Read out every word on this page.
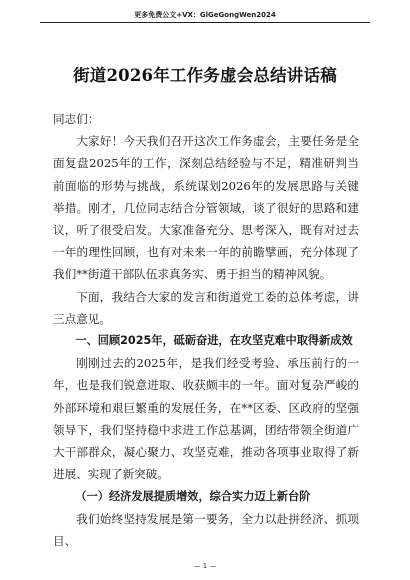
更多免费公文+VX：GlGeGongWen2024
街道2026年工作务虚会总结讲话稿

同志们：

大家好！今天我们召开这次工作务虚会，主要任务是全面复盘2025年的工作，深刻总结经验与不足，精准研判当前面临的形势与挑战，系统谋划2026年的发展思路与关键举措。刚才，几位同志结合分管领域，谈了很好的思路和建议，听了很受启发。大家准备充分、思考深入，既有对过去一年的理性回顾，也有对未来一年的前瞻擘画，充分体现了我们**街道干部队伍求真务实、勇于担当的精神风貌。

下面，我结合大家的发言和街道党工委的总体考虑，讲三点意见。

一、回顾2025年，砥砺奋进，在攻坚克难中取得新成效

刚刚过去的2025年，是我们经受考验、承压前行的一年，也是我们锐意进取、收获颇丰的一年。面对复杂严峻的外部环境和艰巨繁重的发展任务，在**区委、区政府的坚强领导下，我们坚持稳中求进工作总基调，团结带领全街道广大干部群众，凝心聚力、攻坚克难，推动各项事业取得了新进展、实现了新突破。

（一）经济发展提质增效，综合实力迈上新台阶

我们始终坚持发展是第一要务，全力以赴拼经济、抓项目、

— 1 —
